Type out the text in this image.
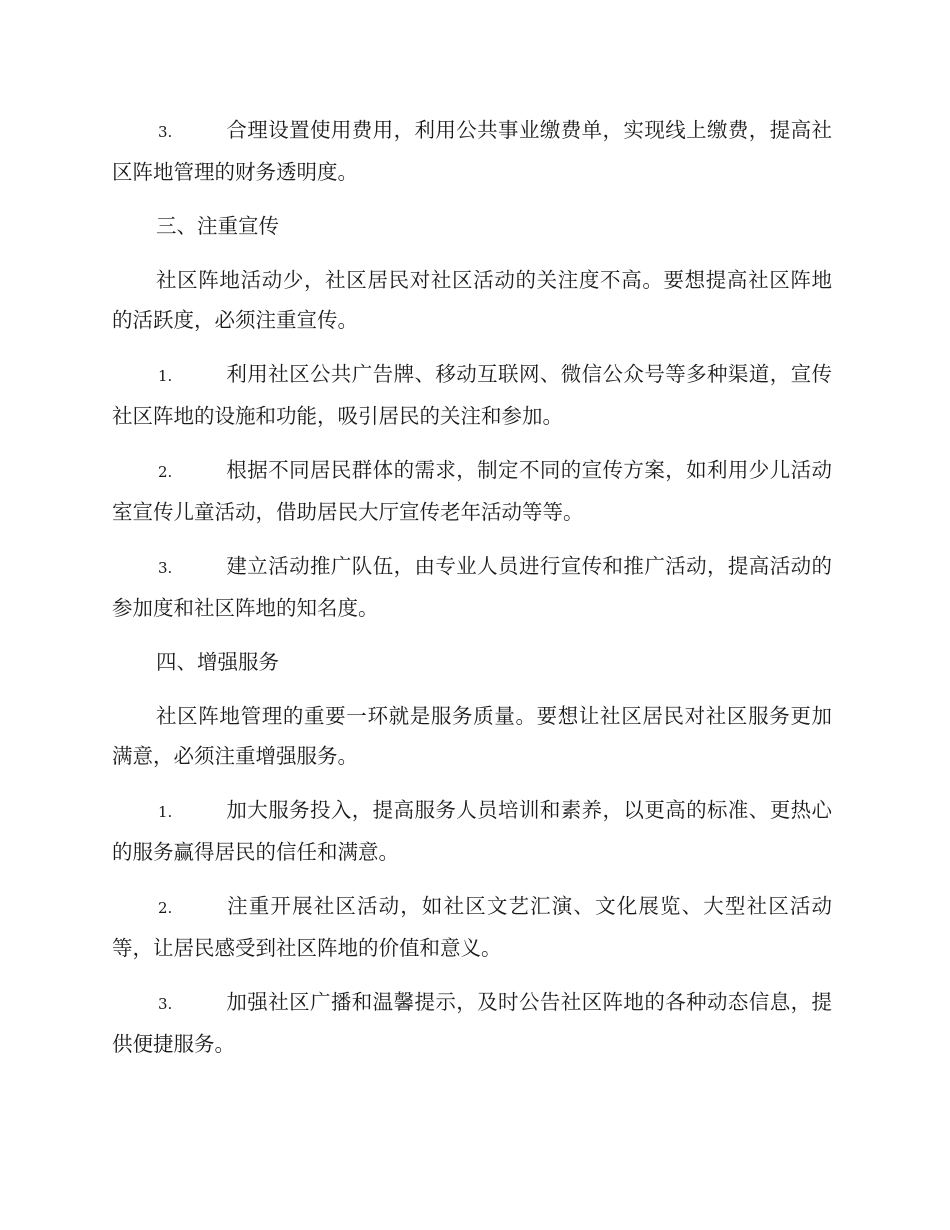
3.	合理设置使用费用，利用公共事业缴费单，实现线上缴费，提高社区阵地管理的财务透明度。

三、注重宣传

社区阵地活动少，社区居民对社区活动的关注度不高。要想提高社区阵地的活跃度，必须注重宣传。

1.	利用社区公共广告牌、移动互联网、微信公众号等多种渠道，宣传社区阵地的设施和功能，吸引居民的关注和参加。

2.	根据不同居民群体的需求，制定不同的宣传方案，如利用少儿活动室宣传儿童活动，借助居民大厅宣传老年活动等等。

3.	建立活动推广队伍，由专业人员进行宣传和推广活动，提高活动的参加度和社区阵地的知名度。

四、增强服务

社区阵地管理的重要一环就是服务质量。要想让社区居民对社区服务更加满意，必须注重增强服务。

1.	加大服务投入，提高服务人员培训和素养，以更高的标准、更热心的服务赢得居民的信任和满意。

2.	注重开展社区活动，如社区文艺汇演、文化展览、大型社区活动等，让居民感受到社区阵地的价值和意义。

3.	加强社区广播和温馨提示，及时公告社区阵地的各种动态信息，提供便捷服务。
